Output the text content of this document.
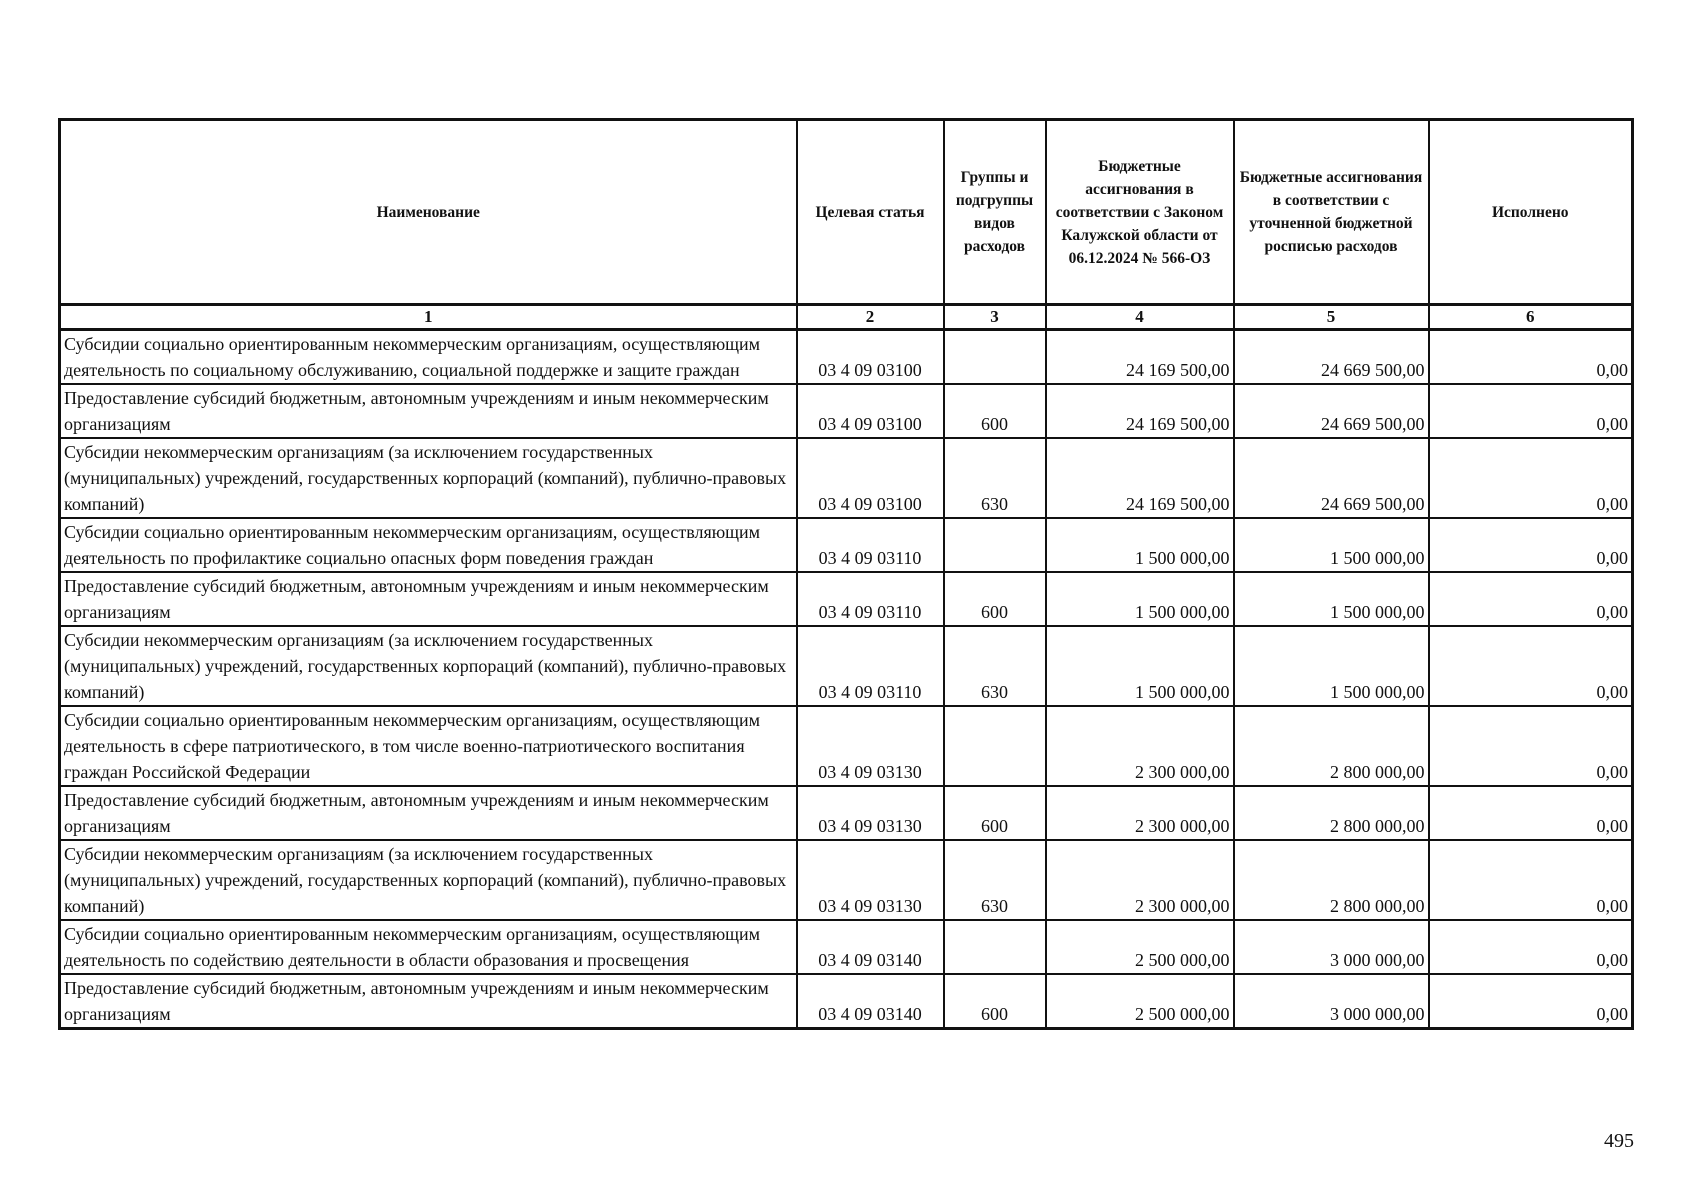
Наименование	Целевая статья	Группы и подгруппы видов расходов	Бюджетные ассигнования в соответствии с Законом Калужской области от 06.12.2024 № 566-ОЗ	Бюджетные ассигнования в соответствии с уточненной бюджетной росписью расходов	Исполнено
1	2	3	4	5	6
Субсидии социально ориентированным некоммерческим организациям, осуществляющим деятельность по социальному обслуживанию, социальной поддержке и защите граждан	03 4 09 03100		24 169 500,00	24 669 500,00	0,00
Предоставление субсидий бюджетным, автономным учреждениям и иным некоммерческим организациям	03 4 09 03100	600	24 169 500,00	24 669 500,00	0,00
Субсидии некоммерческим организациям (за исключением государственных (муниципальных) учреждений, государственных корпораций (компаний), публично-правовых компаний)	03 4 09 03100	630	24 169 500,00	24 669 500,00	0,00
Субсидии социально ориентированным некоммерческим организациям, осуществляющим деятельность по профилактике социально опасных форм поведения граждан	03 4 09 03110		1 500 000,00	1 500 000,00	0,00
Предоставление субсидий бюджетным, автономным учреждениям и иным некоммерческим организациям	03 4 09 03110	600	1 500 000,00	1 500 000,00	0,00
Субсидии некоммерческим организациям (за исключением государственных (муниципальных) учреждений, государственных корпораций (компаний), публично-правовых компаний)	03 4 09 03110	630	1 500 000,00	1 500 000,00	0,00
Субсидии социально ориентированным некоммерческим организациям, осуществляющим деятельность в сфере патриотического, в том числе военно-патриотического воспитания граждан Российской Федерации	03 4 09 03130		2 300 000,00	2 800 000,00	0,00
Предоставление субсидий бюджетным, автономным учреждениям и иным некоммерческим организациям	03 4 09 03130	600	2 300 000,00	2 800 000,00	0,00
Субсидии некоммерческим организациям (за исключением государственных (муниципальных) учреждений, государственных корпораций (компаний), публично-правовых компаний)	03 4 09 03130	630	2 300 000,00	2 800 000,00	0,00
Субсидии социально ориентированным некоммерческим организациям, осуществляющим деятельность по содействию деятельности в области образования и просвещения	03 4 09 03140		2 500 000,00	3 000 000,00	0,00
Предоставление субсидий бюджетным, автономным учреждениям и иным некоммерческим организациям	03 4 09 03140	600	2 500 000,00	3 000 000,00	0,00
495
